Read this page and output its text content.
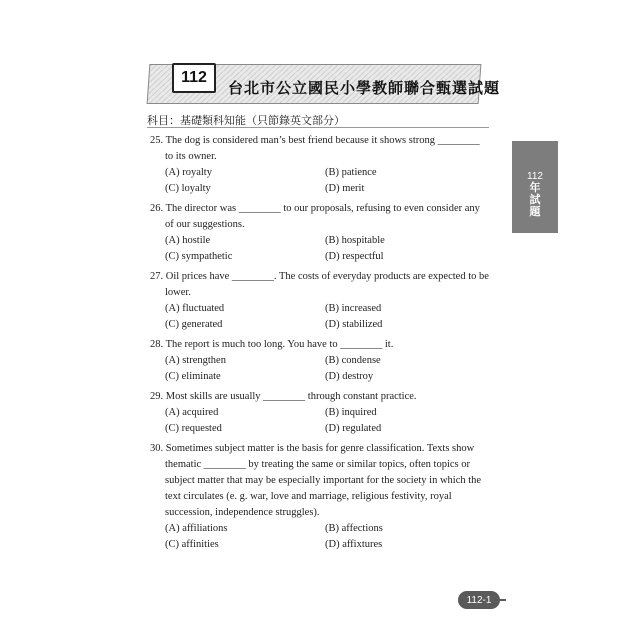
112
台北市公立國民小學教師聯合甄選試題
科目：基礎類科知能（只節錄英文部分）
112
年試題
25. The dog is considered man’s best friend because it shows strong ________ to its owner.
(A) royalty	(B) patience
(C) loyalty	(D) merit
26. The director was ________ to our proposals, refusing to even consider any of our suggestions.
(A) hostile	(B) hospitable
(C) sympathetic	(D) respectful
27. Oil prices have ________. The costs of everyday products are expected to be lower.
(A) fluctuated	(B) increased
(C) generated	(D) stabilized
28. The report is much too long. You have to ________ it.
(A) strengthen	(B) condense
(C) eliminate	(D) destroy
29. Most skills are usually ________ through constant practice.
(A) acquired	(B) inquired
(C) requested	(D) regulated
30. Sometimes subject matter is the basis for genre classification. Texts show thematic ________ by treating the same or similar topics, often topics or subject matter that may be especially important for the society in which the text circulates (e. g. war, love and marriage, religious festivity, royal succession, independence struggles).
(A) affiliations	(B) affections
(C) affinities	(D) affixtures
112-1
